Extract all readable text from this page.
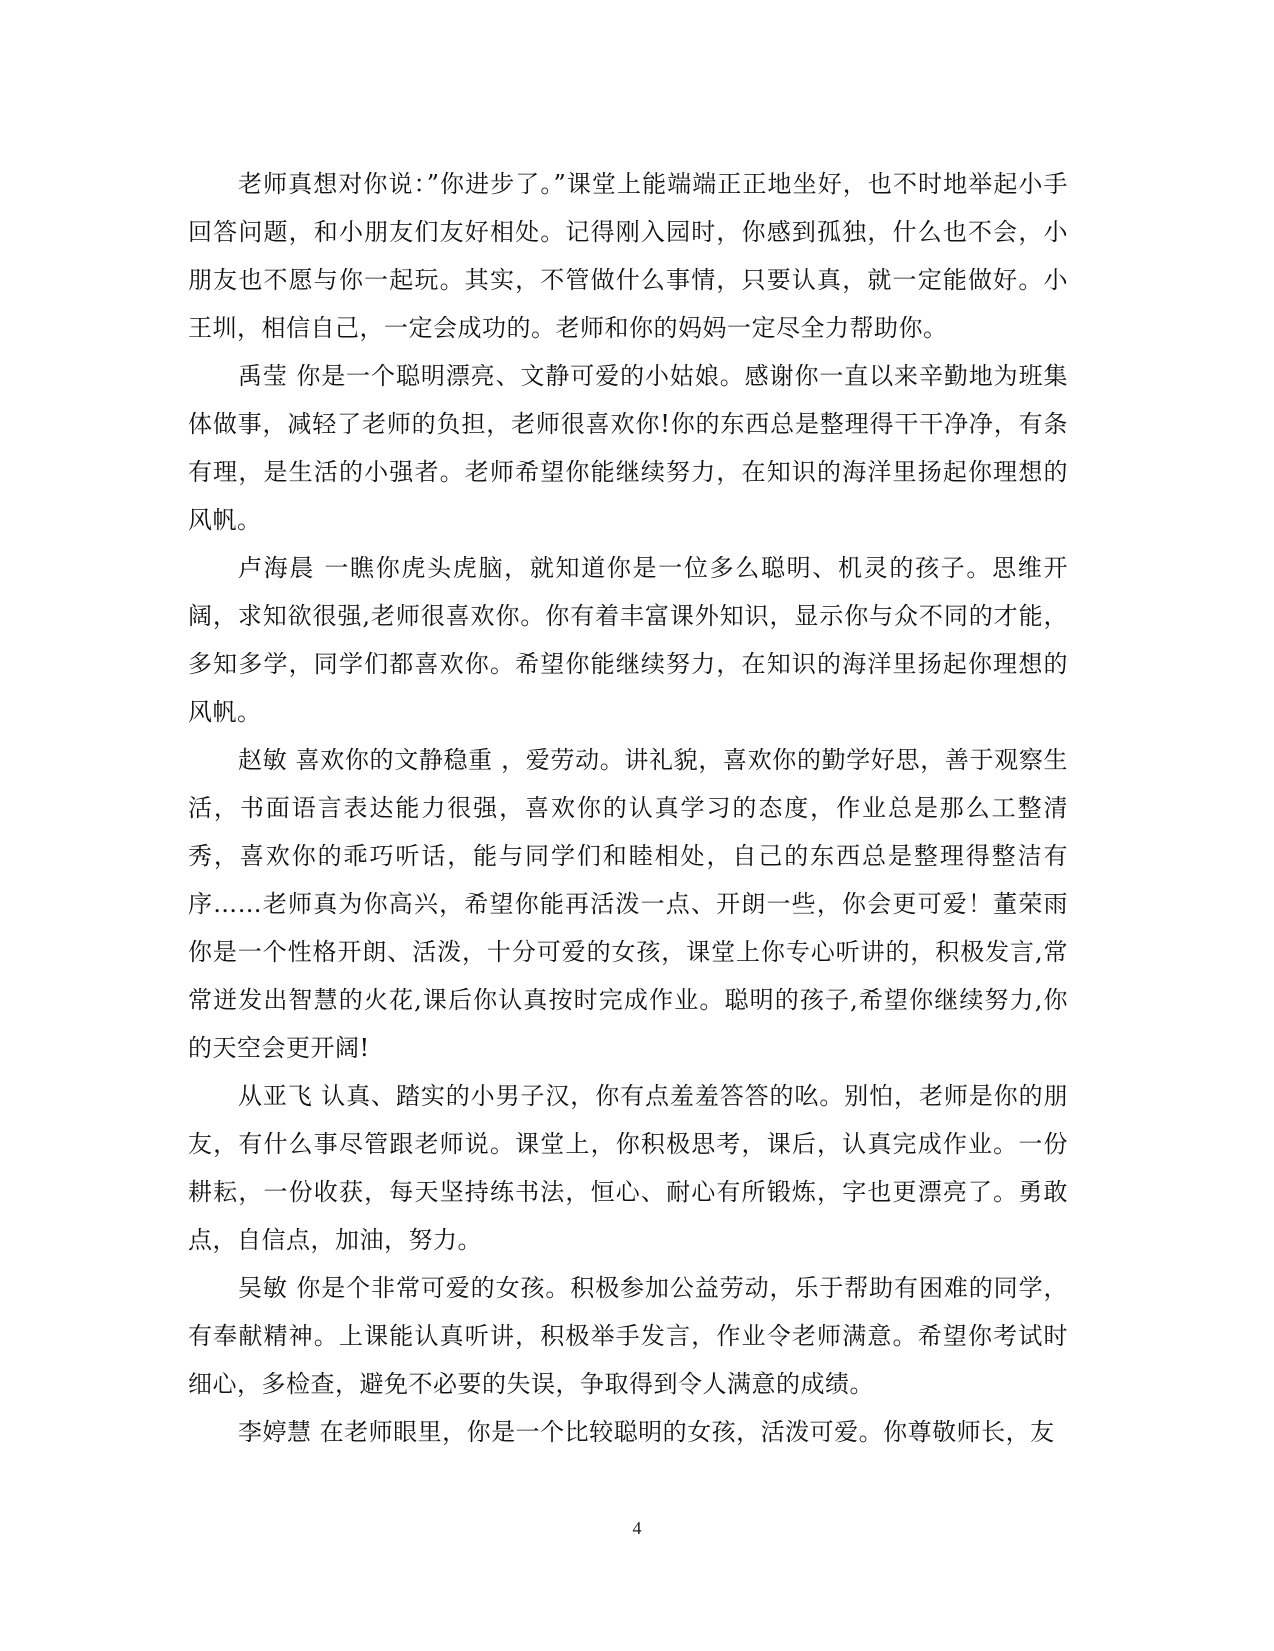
老师真想对你说：”你进步了。”课堂上能端端正正地坐好，也不时地举起小手回答问题，和小朋友们友好相处。记得刚入园时，你感到孤独，什么也不会，小朋友也不愿与你一起玩。其实，不管做什么事情，只要认真，就一定能做好。小王圳，相信自己，一定会成功的。老师和你的妈妈一定尽全力帮助你。

禹莹 你是一个聪明漂亮、文静可爱的小姑娘。感谢你一直以来辛勤地为班集体做事，减轻了老师的负担，老师很喜欢你!你的东西总是整理得干干净净，有条有理，是生活的小强者。老师希望你能继续努力，在知识的海洋里扬起你理想的风帆。

卢海晨 一瞧你虎头虎脑，就知道你是一位多么聪明、机灵的孩子。思维开阔，求知欲很强,老师很喜欢你。你有着丰富课外知识，显示你与众不同的才能，多知多学，同学们都喜欢你。希望你能继续努力，在知识的海洋里扬起你理想的风帆。

赵敏 喜欢你的文静稳重 ，爱劳动。讲礼貌，喜欢你的勤学好思，善于观察生活，书面语言表达能力很强，喜欢你的认真学习的态度，作业总是那么工整清秀，喜欢你的乖巧听话，能与同学们和睦相处，自己的东西总是整理得整洁有序……老师真为你高兴，希望你能再活泼一点、开朗一些，你会更可爱！董荣雨 你是一个性格开朗、活泼，十分可爱的女孩，课堂上你专心听讲的，积极发言,常常迸发出智慧的火花,课后你认真按时完成作业。聪明的孩子,希望你继续努力,你的天空会更开阔!

从亚飞 认真、踏实的小男子汉，你有点羞羞答答的吆。别怕，老师是你的朋友，有什么事尽管跟老师说。课堂上，你积极思考，课后，认真完成作业。一份耕耘，一份收获，每天坚持练书法，恒心、耐心有所锻炼，字也更漂亮了。勇敢点，自信点，加油，努力。

吴敏 你是个非常可爱的女孩。积极参加公益劳动，乐于帮助有困难的同学，有奉献精神。上课能认真听讲，积极举手发言，作业令老师满意。希望你考试时细心，多检查，避免不必要的失误，争取得到令人满意的成绩。

李婷慧 在老师眼里，你是一个比较聪明的女孩，活泼可爱。你尊敬师长，友

4
